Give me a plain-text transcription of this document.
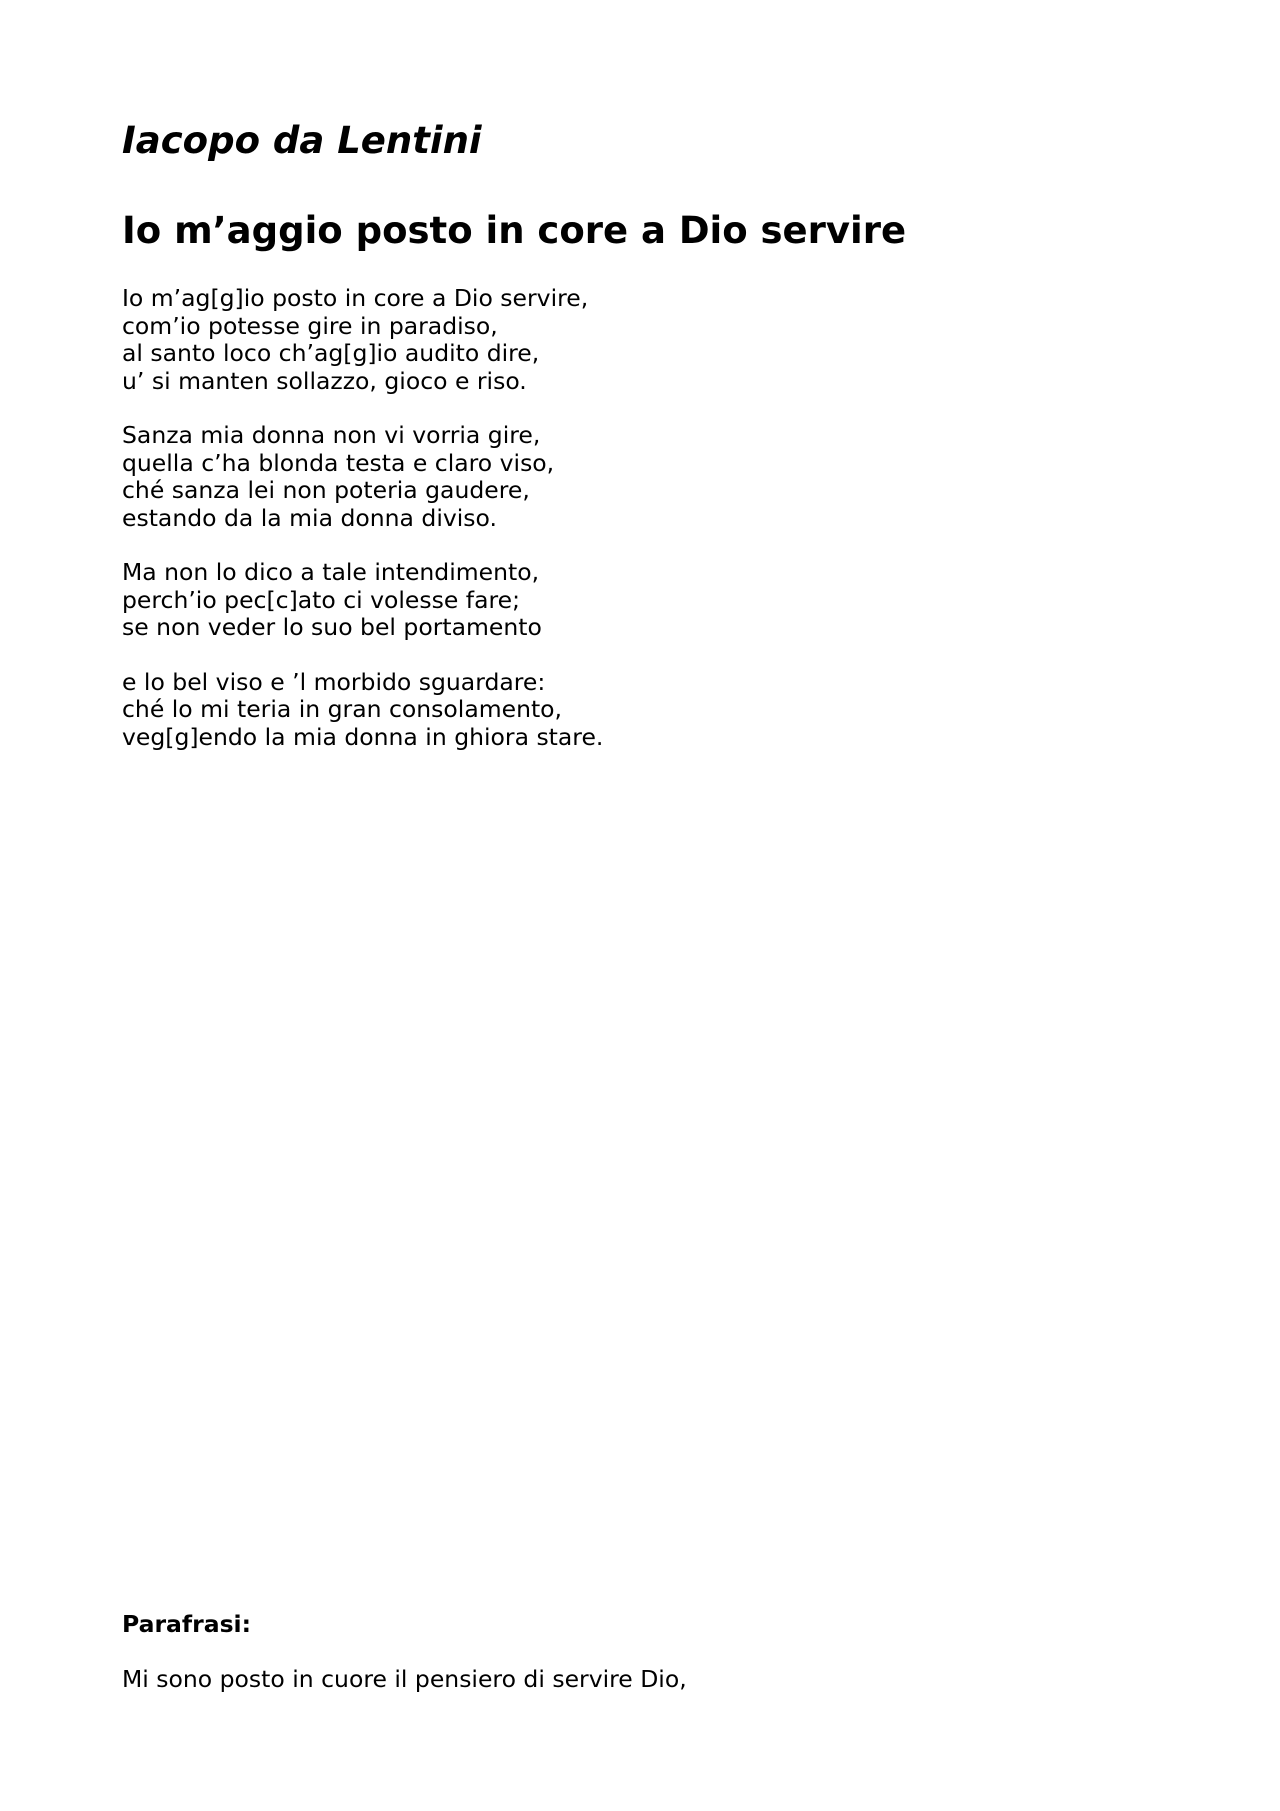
Iacopo da Lentini
Io m’aggio posto in core a Dio servire
Io m’ag[g]io posto in core a Dio servire,
com’io potesse gire in paradiso,
al santo loco ch’ag[g]io audito dire,
u’ si manten sollazzo, gioco e riso.
Sanza mia donna non vi vorria gire,
quella c’ha blonda testa e claro viso,
ché sanza lei non poteria gaudere,
estando da la mia donna diviso.
Ma non lo dico a tale intendimento,
perch’io pec[c]ato ci volesse fare;
se non veder lo suo bel portamento
e lo bel viso e ’l morbido sguardare:
ché lo mi teria in gran consolamento,
veg[g]endo la mia donna in ghiora stare.

Parafrasi:

Mi sono posto in cuore il pensiero di servire Dio,
